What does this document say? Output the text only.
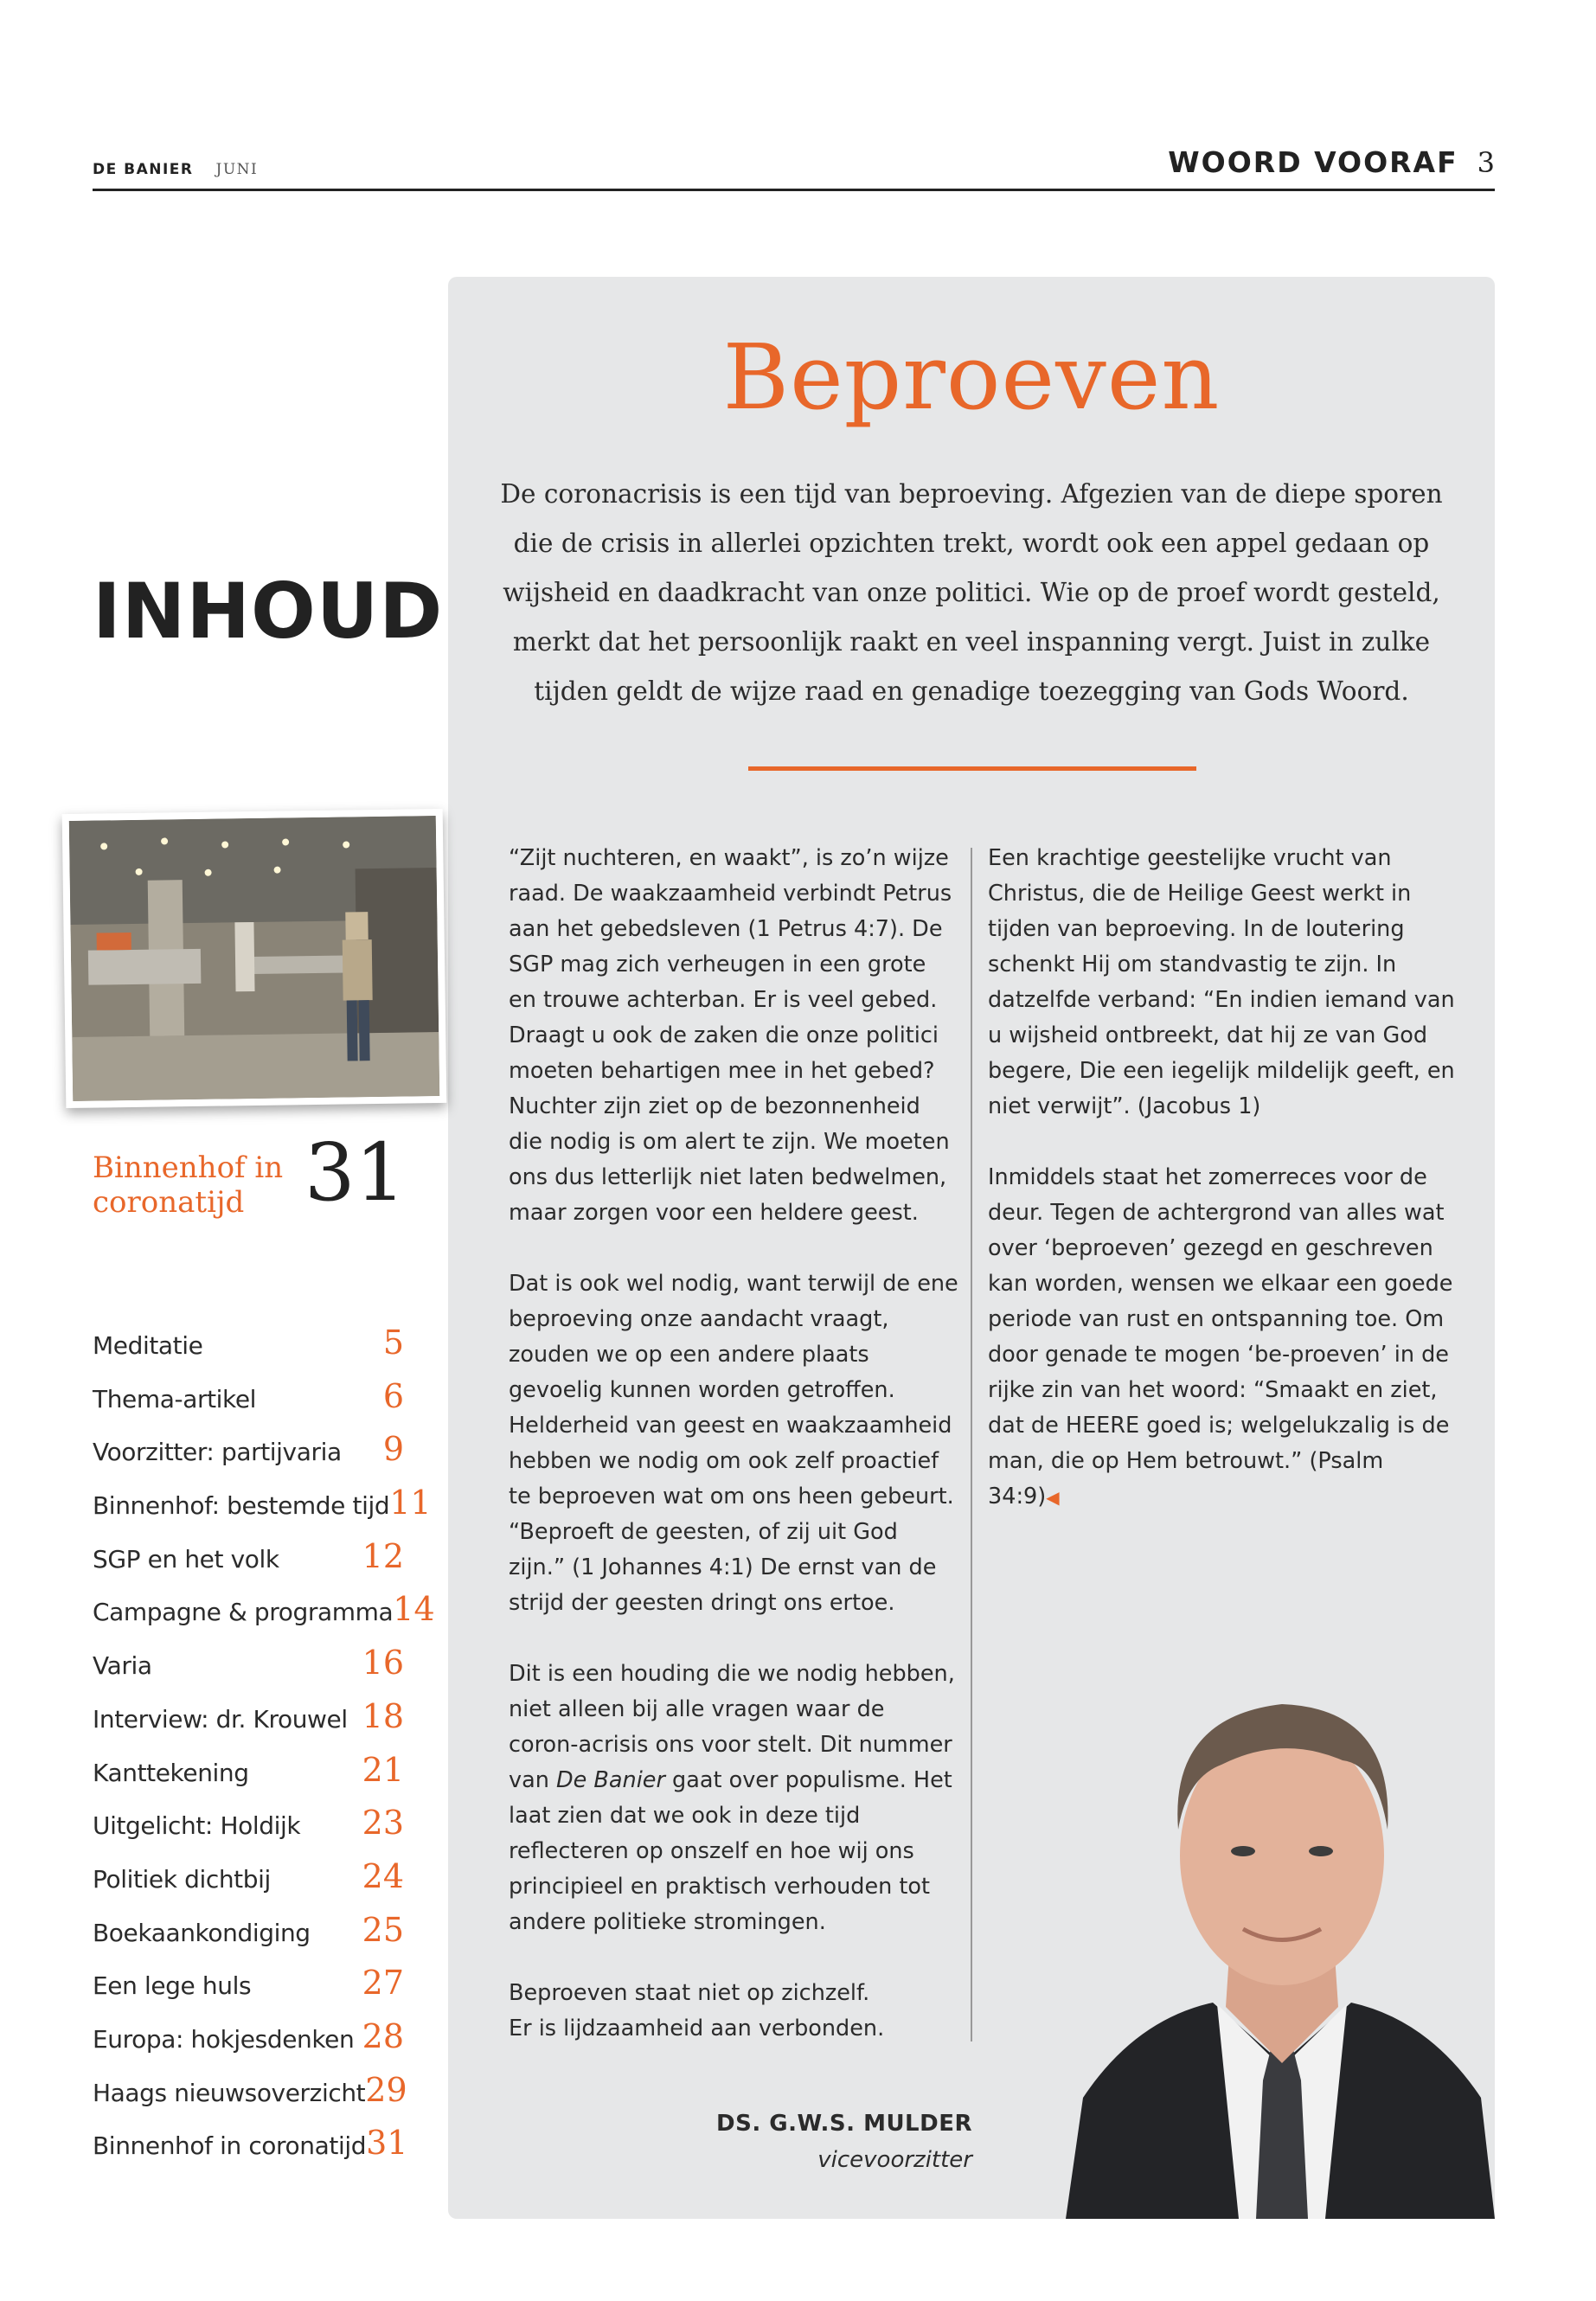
DE BANIER JUNI	WOORD VOORAF 3
Beproeven
De coronacrisis is een tijd van beproeving. Afgezien van de diepe sporen die de crisis in allerlei opzichten trekt, wordt ook een appel gedaan op wijsheid en daadkracht van onze politici. Wie op de proef wordt gesteld, merkt dat het persoonlijk raakt en veel inspanning vergt. Juist in zulke tijden geldt de wijze raad en genadige toezegging van Gods Woord.

“Zijt nuchteren, en waakt”, is zo’n wijze raad. De waakzaamheid verbindt Petrus aan het gebedsleven (1 Petrus 4:7). De SGP mag zich verheugen in een grote en trouwe achterban. Er is veel gebed. Draagt u ook de zaken die onze politici moeten behartigen mee in het gebed? Nuchter zijn ziet op de bezonnenheid die nodig is om alert te zijn. We moeten ons dus letterlijk niet laten bedwelmen, maar zorgen voor een heldere geest.

Dat is ook wel nodig, want terwijl de ene beproeving onze aandacht vraagt, zouden we op een andere plaats gevoelig kunnen worden getroffen. Helderheid van geest en waakzaamheid hebben we nodig om ook zelf proactief te beproeven wat om ons heen gebeurt. “Beproeft de geesten, of zij uit God zijn.” (1 Johannes 4:1) De ernst van de strijd der geesten dringt ons ertoe.

Dit is een houding die we nodig hebben, niet alleen bij alle vragen waar de coron-acrisis ons voor stelt. Dit nummer van De Banier gaat over populisme. Het laat zien dat we ook in deze tijd reflecteren op onszelf en hoe wij ons principieel en praktisch verhouden tot andere politieke stromingen.

Beproeven staat niet op zichzelf.
Er is lijdzaamheid aan verbonden.

Een krachtige geestelijke vrucht van Christus, die de Heilige Geest werkt in tijden van beproeving. In de loutering schenkt Hij om standvastig te zijn. In datzelfde verband: “En indien iemand van u wijsheid ontbreekt, dat hij ze van God begere, Die een iegelijk mildelijk geeft, en niet verwijt”. (Jacobus 1)

Inmiddels staat het zomerreces voor de deur. Tegen de achtergrond van alles wat over ‘beproeven’ gezegd en geschreven kan worden, wensen we elkaar een goede periode van rust en ontspanning toe. Om door genade te mogen ‘be-proeven’ in de rijke zin van het woord: “Smaakt en ziet, dat de HEERE goed is; welgelukzalig is de man, die op Hem betrouwt.” (Psalm 34:9)◀

DS. G.W.S. MULDER
vicevoorzitter
INHOUD
Binnenhof in
coronatijd 31
Meditatie	5
Thema-artikel	6
Voorzitter: partijvaria 9
Binnenhof: bestemde tijd 11
SGP en het volk	12
Campagne & programma 14
Varia	16
Interview: dr. Krouwel 18
Kanttekening	21
Uitgelicht: Holdijk 23
Politiek dichtbij	24
Boekaankondiging 25
Een lege huls	27
Europa: hokjesdenken 28
Haags nieuwsoverzicht 29
Binnenhof in coronatijd 31
